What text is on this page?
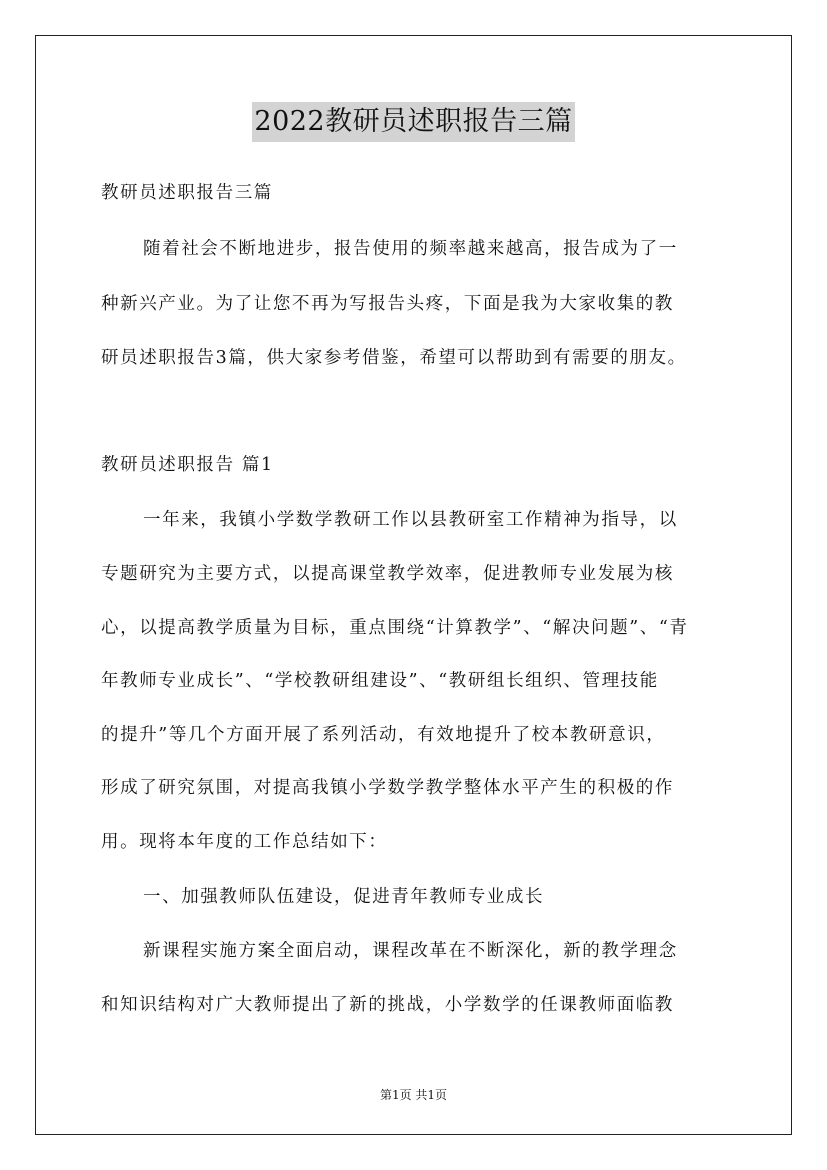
2022教研员述职报告三篇
教研员述职报告三篇
随着社会不断地进步，报告使用的频率越来越高，报告成为了一
种新兴产业。为了让您不再为写报告头疼，下面是我为大家收集的教
研员述职报告3篇，供大家参考借鉴，希望可以帮助到有需要的朋友。
教研员述职报告 篇1
一年来，我镇小学数学教研工作以县教研室工作精神为指导，以
专题研究为主要方式，以提高课堂教学效率，促进教师专业发展为核
心，以提高教学质量为目标，重点围绕“计算教学”、“解决问题”、“青
年教师专业成长”、“学校教研组建设”、“教研组长组织、管理技能
的提升”等几个方面开展了系列活动，有效地提升了校本教研意识，
形成了研究氛围，对提高我镇小学数学教学整体水平产生的积极的作
用。现将本年度的工作总结如下：
一、加强教师队伍建设，促进青年教师专业成长
新课程实施方案全面启动，课程改革在不断深化，新的教学理念
和知识结构对广大教师提出了新的挑战，小学数学的任课教师面临教
第1页 共1页
